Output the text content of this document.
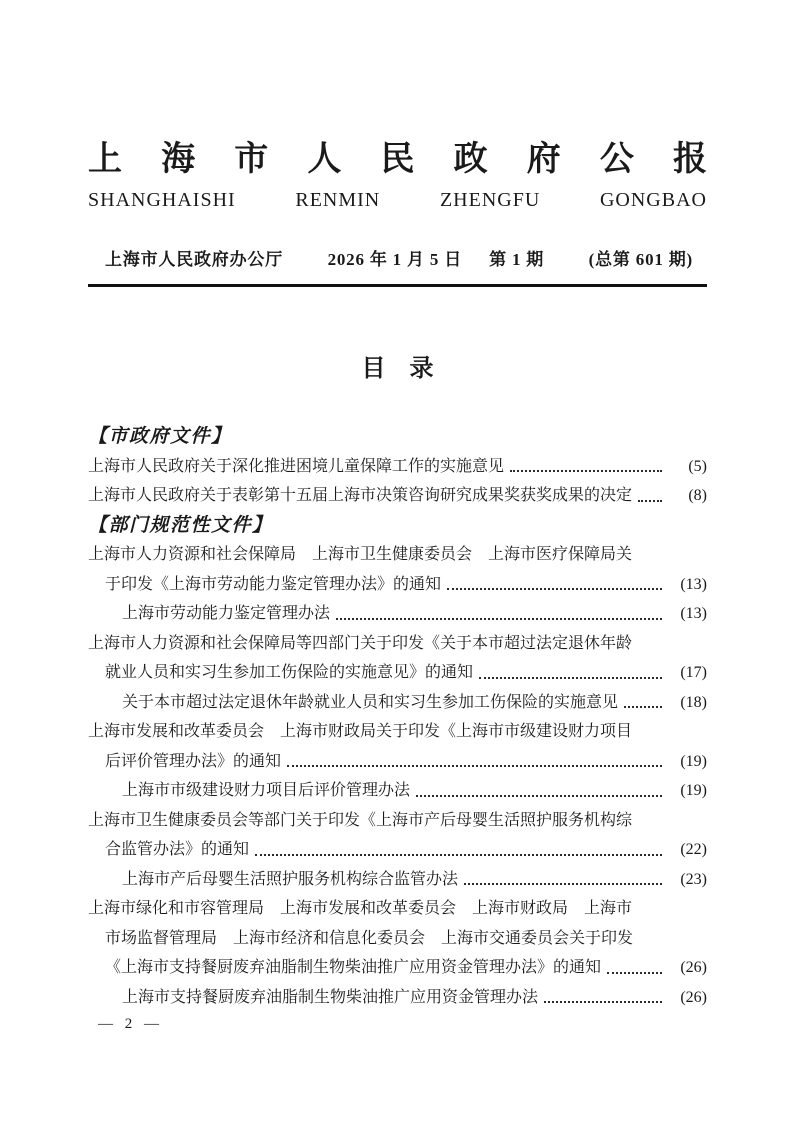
上 海 市 人 民 政 府 公 报
SHANGHAISHI	RENMIN	ZHENGFU	GONGBAO
上海市人民政府办公厅	2026 年 1 月 5 日 第 1 期	(总第 601 期)
目　录
【市政府文件】
上海市人民政府关于深化推进困境儿童保障工作的实施意见	(5)
上海市人民政府关于表彰第十五届上海市决策咨询研究成果奖获奖成果的决定	(8)
【部门规范性文件】
上海市人力资源和社会保障局　上海市卫生健康委员会　上海市医疗保障局关
于印发《上海市劳动能力鉴定管理办法》的通知	(13)
上海市劳动能力鉴定管理办法	(13)
上海市人力资源和社会保障局等四部门关于印发《关于本市超过法定退休年龄
就业人员和实习生参加工伤保险的实施意见》的通知	(17)
关于本市超过法定退休年龄就业人员和实习生参加工伤保险的实施意见	(18)
上海市发展和改革委员会　上海市财政局关于印发《上海市市级建设财力项目
后评价管理办法》的通知	(19)
上海市市级建设财力项目后评价管理办法	(19)
上海市卫生健康委员会等部门关于印发《上海市产后母婴生活照护服务机构综
合监管办法》的通知	(22)
上海市产后母婴生活照护服务机构综合监管办法	(23)
上海市绿化和市容管理局　上海市发展和改革委员会　上海市财政局　上海市
市场监督管理局　上海市经济和信息化委员会　上海市交通委员会关于印发
《上海市支持餐厨废弃油脂制生物柴油推广应用资金管理办法》的通知	(26)
上海市支持餐厨废弃油脂制生物柴油推广应用资金管理办法	(26)
— 2 —
